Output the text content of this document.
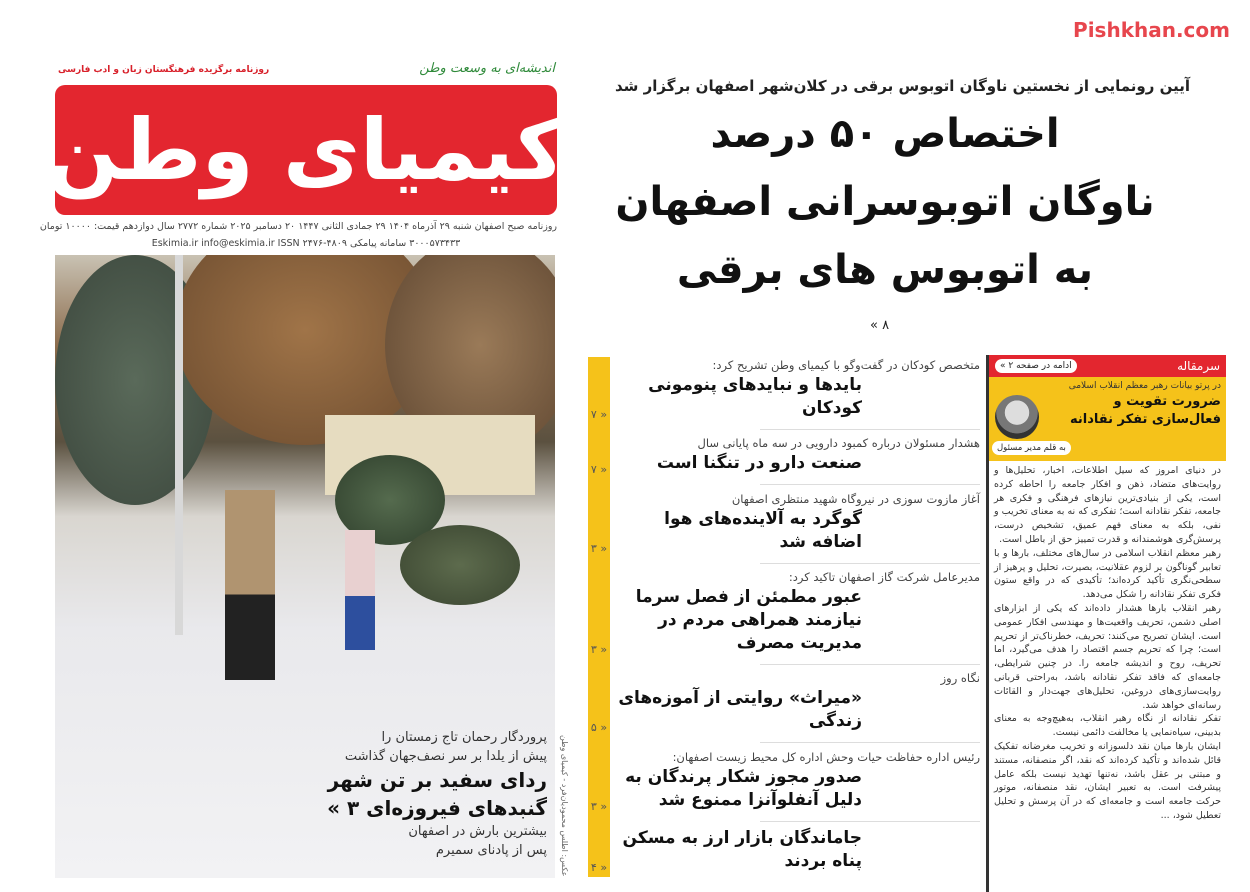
اندیشه‌ای به وسعت وطن
روزنامه برگزیده فرهنگستان زبان و ادب فارسی
کیمیای وطن
روزنامه صبح اصفهان شنبه ۲۹ آذرماه ۱۴۰۴ ۲۹ جمادی الثانی ۱۴۴۷ ۲۰ دسامبر ۲۰۲۵ شماره ۲۷۷۲ سال دوازدهم قیمت: ۱۰۰۰۰ تومان
۳۰۰۰۵۷۳۴۳۳ سامانه پیامکی Eskimia.ir info@eskimia.ir ISSN ۲۴۷۶-۴۸۰۹
پروردگار رحمان تاج زمستان را
پیش از یلدا بر سر نصف‌جهان گذاشت
ردای سفید بر تن شهر
گنبدهای فیروزه‌ای ۳ »
بیشترین بارش در اصفهان
پس از پادنای سمیرم عکس: اطلس محمودیان‌فرد - کیمیای وطن
آیین رونمایی از نخستین ناوگان اتوبوس برقی در کلان‌شهر اصفهان برگزار شد
اختصاص ۵۰ درصد
ناوگان اتوبوسرانی اصفهان
به اتوبوس های برقی
۸ »
متخصص کودکان در گفت‌وگو با کیمیای وطن تشریح کرد:
بایدها و نبایدهای پنومونی کودکان
۷ »
هشدار مسئولان درباره کمبود دارویی در سه ماه پایانی سال
صنعت دارو در تنگنا است
۷ »
آغاز مازوت سوزی در نیروگاه شهید منتظری اصفهان
گوگرد به آلاینده‌های هوا اضافه شد
۳ »
مدیرعامل شرکت گاز اصفهان تاکید کرد:
عبور مطمئن از فصل سرما نیازمند همراهی مردم در مدیریت مصرف
۳ »
نگاه روز
«میراث» روایتی از آموزه‌های زندگی
۵ »
رئیس اداره حفاظت حیات وحش اداره کل محیط زیست اصفهان:
صدور مجوز شکار پرندگان به دلیل آنفلوآنزا ممنوع شد
۳ »
جاماندگان بازار ارز به مسکن پناه بردند
۴ »
سرمقاله
ادامه در صفحه ۲ »
در پرتو بیانات رهبر معظم انقلاب اسلامی
ضرورت تقویت و
فعال‌سازی تفکر نقادانه
به قلم مدیر مسئول

در دنیای امروز که سیل اطلاعات، اخبار، تحلیل‌ها و روایت‌های متضاد، ذهن و افکار جامعه را احاطه کرده است، یکی از بنیادی‌ترین نیازهای فرهنگی و فکری هر جامعه، تفکر نقادانه است؛ تفکری که نه به معنای تخریب و نفی، بلکه به معنای فهم عمیق، تشخیص درست، پرسش‌گری هوشمندانه و قدرت تمییز حق از باطل است.

رهبر معظم انقلاب اسلامی در سال‌های مختلف، بارها و با تعابیر گوناگون بر لزوم عقلانیت، بصیرت، تحلیل و پرهیز از سطحی‌نگری تأکید کرده‌اند؛ تأکیدی که در واقع ستون فکری تفکر نقادانه را شکل می‌دهد.

رهبر انقلاب بارها هشدار داده‌اند که یکی از ابزارهای اصلی دشمن، تحریف واقعیت‌ها و مهندسی افکار عمومی است. ایشان تصریح می‌کنند: تحریف، خطرناک‌تر از تحریم است؛ چرا که تحریم جسم اقتصاد را هدف می‌گیرد، اما تحریف، روح و اندیشه جامعه را. در چنین شرایطی، جامعه‌ای که فاقد تفکر نقادانه باشد، به‌راحتی قربانی روایت‌سازی‌های دروغین، تحلیل‌های جهت‌دار و القائات رسانه‌ای خواهد شد.

تفکر نقادانه از نگاه رهبر انقلاب، به‌هیچ‌وجه به معنای بدبینی، سیاه‌نمایی یا مخالفت دائمی نیست.

ایشان بارها میان نقد دلسوزانه و تخریب مغرضانه تفکیک قائل شده‌اند و تأکید کرده‌اند که نقد، اگر منصفانه، مستند و مبتنی بر عقل باشد، نه‌تنها تهدید نیست بلکه عامل پیشرفت است. به تعبیر ایشان، نقد منصفانه، موتور حرکت جامعه است و جامعه‌ای که در آن پرسش و تحلیل تعطیل شود، ...

Pishkhan.com
